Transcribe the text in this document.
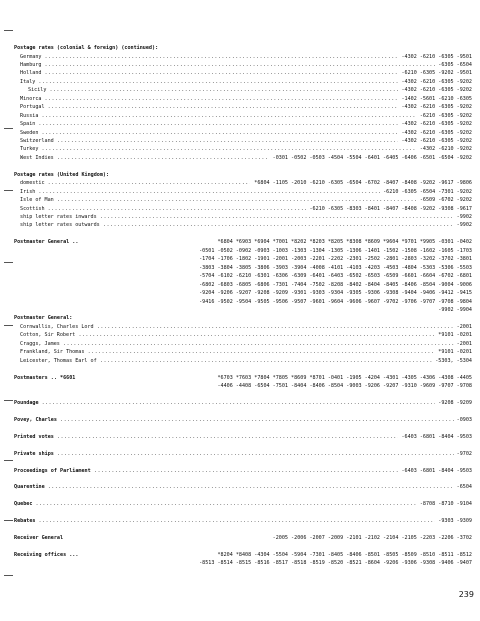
Postage rates (colonial & foreign) (continued):
Germany .....	-4302 -6210 -6305 -9501
Hamburg .....	-6305 -6504
Holland .....	-6210 -6305 -9202 -9501
Italy .....	-4302 -6210 -6305 -9202
Sicily .....	-4302 -6210 -6305 -9202
Minorca .....	-1402 -5601 -6210 -6305
Portugal .....	-4302 -6210 -6305 -9202
Russia .....	-6210 -6305 -9202
Spain .....	-4302 -6210 -6305 -9202
Sweden .....	-4302 -6210 -6305 -9202
Switzerland .....	-4302 -6210 -6305 -9202
Turkey .....	-4302 -6210 -9202
West Indies .....	-0301 -0502 -0503 -4504 -5504 -6401 -6405 -6406 -6501 -6504 -9202
Postage rates (United Kingdom):
domestic .....	*6804 -1105 -2010 -6210 -6305 -6504 -6702 -8407 -8408 -9202 -9617 -9806
Irish .....	-6210 -6305 -6504 -7301 -9202
Isle of Man .....	-6509 -6702 -9202
Scottish .....	-6210 -6305 -8303 -8401 -8407 -8408 -9202 -9308 -9617
ship letter rates inwards .....	-9902
ship letter rates outwards .....	-9902
Postmaster General ..	*6804 *6903 *6904 *7001 *8202 *8203 *8205 *8308 *8609 *9604 *9701 *9905 -0301 -0402
-0501 -0502 -0902 -0903 -1003 -1303 -1304 -1305 -1306 -1401 -1502 -1508 -1602 -1605 -1703
-1704 -1706 -1802 -1901 -2001 -2003 -2201 -2202 -2301 -2502 -2801 -2803 -3202 -3702 -3801
-3803 -3804 -3805 -3806 -3903 -3904 -4008 -4101 -4103 -4203 -4503 -4804 -5303 -5306 -5503
-5704 -6102 -6210 -6301 -6306 -6309 -6401 -6403 -6502 -6503 -6509 -6601 -6604 -6702 -6801
-6802 -6803 -6805 -6806 -7301 -7404 -7502 -8208 -8402 -8404 -8405 -8406 -8504 -9004 -9006
-9204 -9206 -9207 -9208 -9209 -9301 -9303 -9304 -9305 -9306 -9308 -9404 -9406 -9412 -9415
-9416 -9502 -9504 -9505 -9506 -9507 -9601 -9604 -9606 -9607 -9702 -9706 -9707 -9708 -9804
-9902 -9904
Postmaster General:
Cornwallis, Charles Lord .....	-2001
Cotton, Sir Robert .....	*9101 -0201
Craggs, James .....	-2001
Frankland, Sir Thomas .....	*9101 -0201
Leicester, Thomas Earl of .....	-5303, -5304
Postmasters .. *6601	*6703 *7603 *7804 *7805 *8609 *8701 -0401 -1905 -4204 -4301 -4305 -4306 -4308 -4405
-4406 -4408 -6504 -7501 -8404 -8406 -8504 -9003 -9206 -9207 -9310 -9609 -9707 -9708
Poundage .....	-9208 -9209
Povey, Charles .....	-0903
Printed votes .....	-6403 -6801 -8404 -9503
Private ships .....	-9702
Proceedings of Parliament .....	-6403 -6801 -8404 -9503
Quarentine .....	-6504
Quebec .....	-8708 -8710 -9104
Rebates .....	-9303 -9309
Receiver General	-2005 -2006 -2007 -2009 -2101 -2102 -2104 -2105 -2203 -2206 -3702
Receiving offices ...	*8204 *8408 -4304 -5504 -5904 -7301 -8405 -8406 -8501 -8505 -8509 -8510 -8511 -8512
-8513 -8514 -8515 -8516 -8517 -8518 -8519 -8520 -8521 -8604 -9206 -9306 -9308 -9406 -9407
239
